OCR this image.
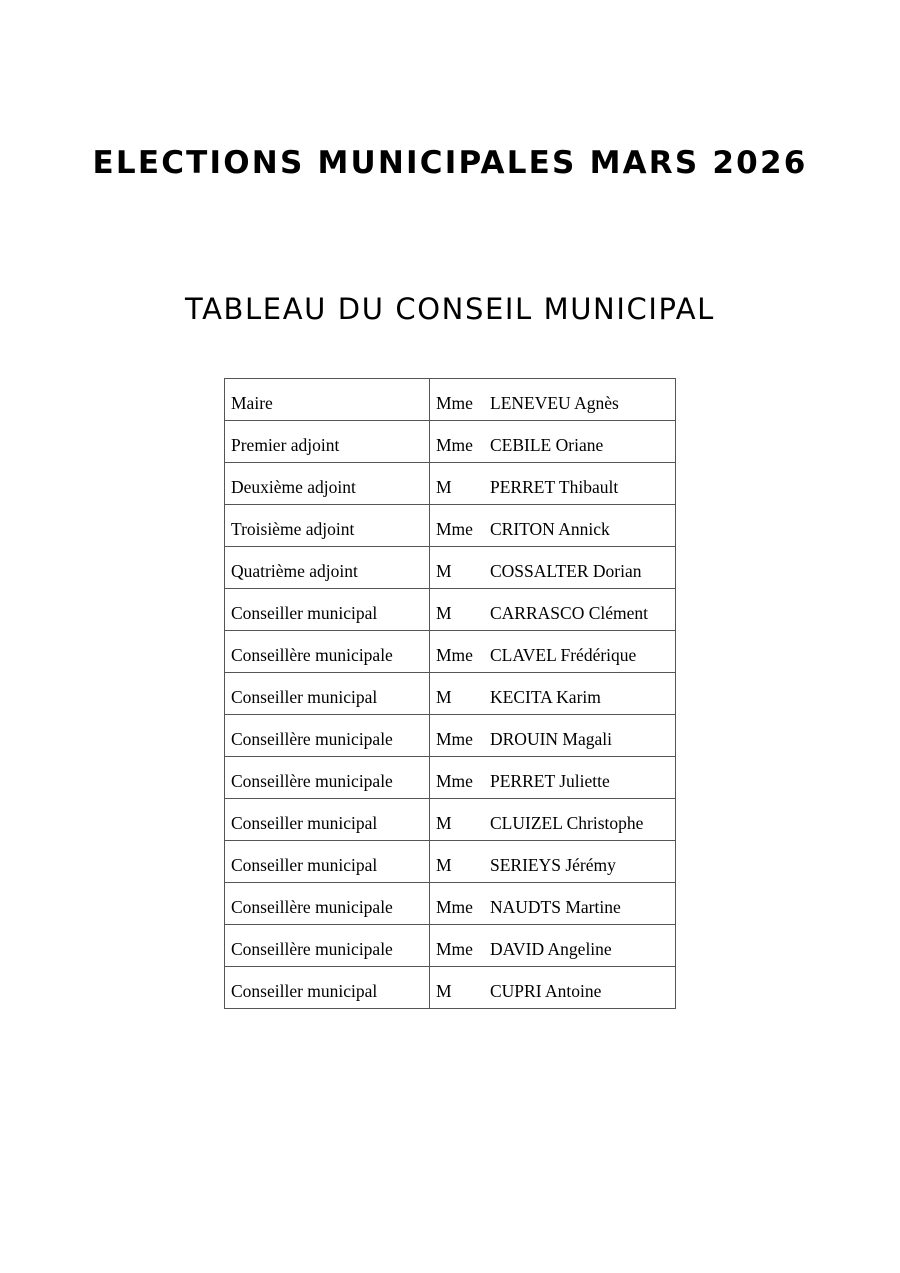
ELECTIONS MUNICIPALES MARS 2026
TABLEAU DU CONSEIL MUNICIPAL
Maire	Mme LENEVEU Agnès
Premier adjoint	Mme CEBILE Oriane
Deuxième adjoint	M PERRET Thibault
Troisième adjoint	Mme CRITON Annick
Quatrième adjoint	M COSSALTER Dorian
Conseiller municipal	M CARRASCO Clément
Conseillère municipale	Mme CLAVEL Frédérique
Conseiller municipal	M KECITA Karim
Conseillère municipale	Mme DROUIN Magali
Conseillère municipale	Mme PERRET Juliette
Conseiller municipal	M CLUIZEL Christophe
Conseiller municipal	M SERIEYS Jérémy
Conseillère municipale	Mme NAUDTS Martine
Conseillère municipale	Mme DAVID Angeline
Conseiller municipal	M CUPRI Antoine
